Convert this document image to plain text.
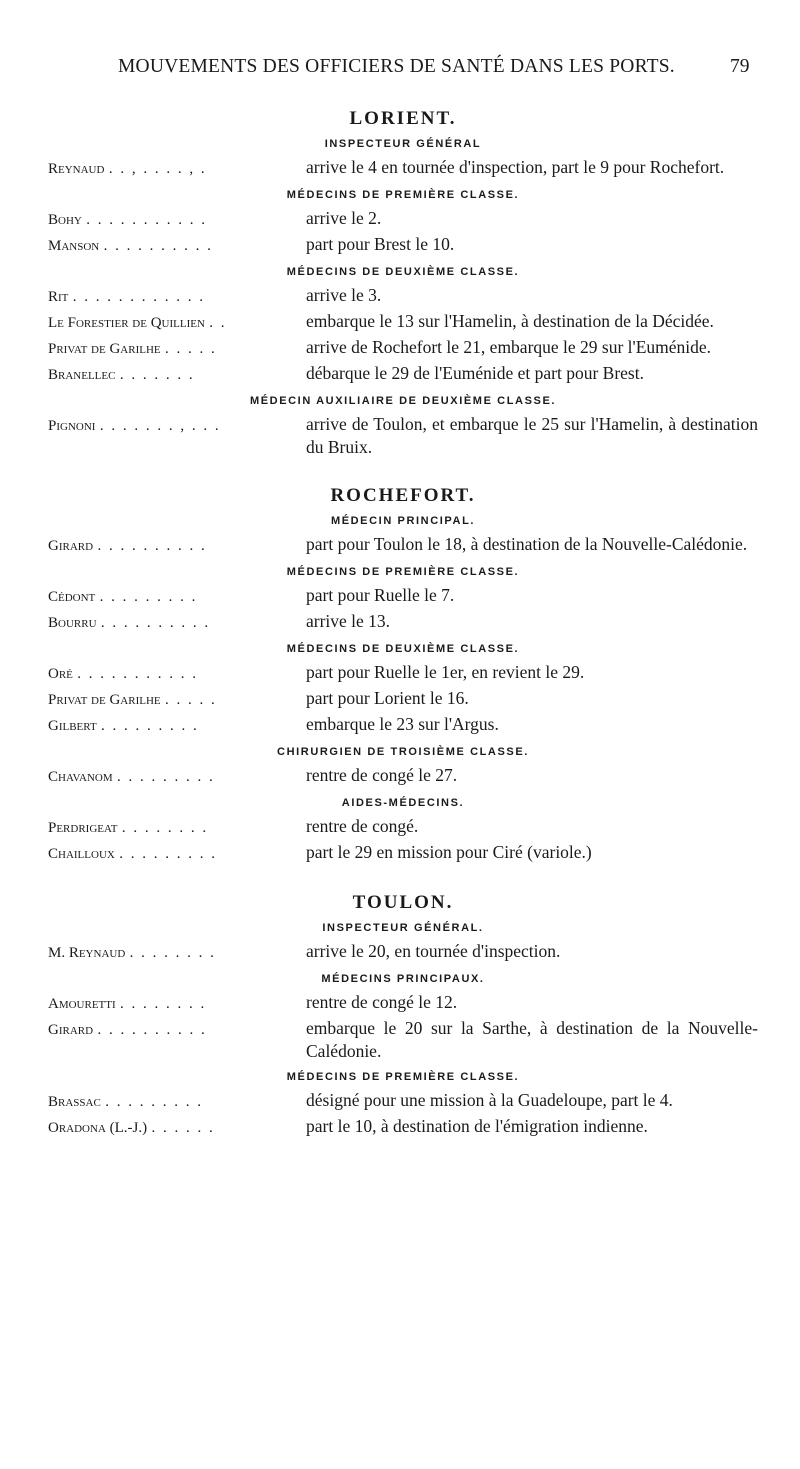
MOUVEMENTS DES OFFICIERS DE SANTÉ DANS LES PORTS.	79
LORIENT.
INSPECTEUR GÉNÉRAL
Reynaud . . , . . . . , .	arrive le 4 en tournée d'inspection, part le 9 pour Rochefort.
MÉDECINS DE PREMIÈRE CLASSE.
Bohy . . . . . . . . . . .	arrive le 2.
Manson . . . . . . . . . .	part pour Brest le 10.
MÉDECINS DE DEUXIÈME CLASSE.
Rit . . . . . . . . . . . .	arrive le 3.
Le Forestier de Quillien . .	embarque le 13 sur l'Hamelin, à destination de la Décidée.
Privat de Garilhe . . . . .	arrive de Rochefort le 21, embarque le 29 sur l'Euménide.
Branellec . . . . . . .	débarque le 29 de l'Euménide et part pour Brest.
MÉDECIN AUXILIAIRE DE DEUXIÈME CLASSE.
Pignoni . . . . . . . , . . .	arrive de Toulon, et embarque le 25 sur l'Hamelin, à destination du Bruix.
ROCHEFORT.
MÉDECIN PRINCIPAL.
Girard . . . . . . . . . .	part pour Toulon le 18, à destination de la Nouvelle-Calédonie.
MÉDECINS DE PREMIÈRE CLASSE.
Cédont . . . . . . . . .	part pour Ruelle le 7.
Bourru . . . . . . . . . .	arrive le 13.
MÉDECINS DE DEUXIÈME CLASSE.
Oré . . . . . . . . . . .	part pour Ruelle le 1er, en revient le 29.
Privat de Garilhe . . . . .	part pour Lorient le 16.
Gilbert . . . . . . . . .	embarque le 23 sur l'Argus.
CHIRURGIEN DE TROISIÈME CLASSE.
Chavanom . . . . . . . . .	rentre de congé le 27.
AIDES-MÉDECINS.
Perdrigeat . . . . . . . .	rentre de congé.
Chailloux . . . . . . . . .	part le 29 en mission pour Ciré (variole.)
TOULON.
INSPECTEUR GÉNÉRAL.
M. Reynaud . . . . . . . .	arrive le 20, en tournée d'inspection.
MÉDECINS PRINCIPAUX.
Amouretti . . . . . . . .	rentre de congé le 12.
Girard . . . . . . . . . .	embarque le 20 sur la Sarthe, à destination de la Nouvelle-Calédonie.
MÉDECINS DE PREMIÈRE CLASSE.
Brassac . . . . . . . . .	désigné pour une mission à la Guadeloupe, part le 4.
Oradona (L.-J.) . . . . . .	part le 10, à destination de l'émigration indienne.
